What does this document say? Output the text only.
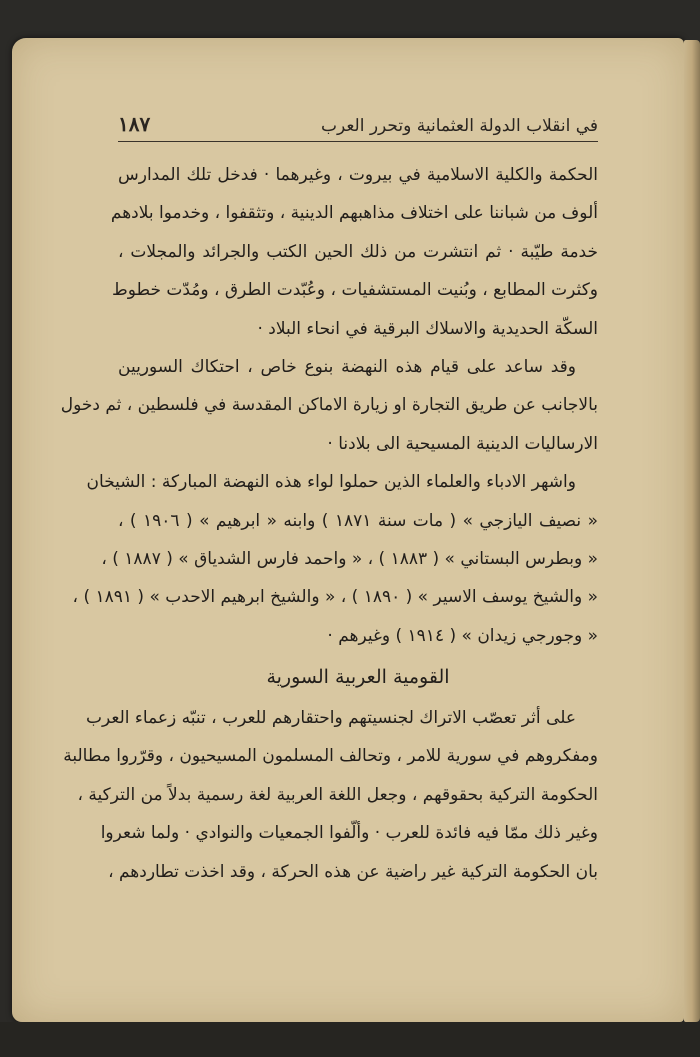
في انقلاب الدولة العثمانية وتحرر العرب
١٨٧
الحكمة والكلية الاسلامية في بيروت ، وغيرهما · فدخل تلك المدارس
ألوف من شباننا على اختلاف مذاهبهم الدينية ، وتثقفوا ، وخدموا بلادهم
خدمة طيّبة · ثم انتشرت من ذلك الحين الكتب والجرائد والمجلات ،
وكثرت المطابع ، وبُنيت المستشفيات ، وعُبّدت الطرق ، ومُدّت خطوط
السكّة الحديدية والاسلاك البرقية في انحاء البلاد ·
وقد ساعد على قيام هذه النهضة بنوع خاص ، احتكاك السوريين
بالاجانب عن طريق التجارة او زيارة الاماكن المقدسة في فلسطين ، ثم دخول
الارساليات الدينية المسيحية الى بلادنا ·
واشهر الادباء والعلماء الذين حملوا لواء هذه النهضة المباركة : الشيخان
« نصيف اليازجي » ( مات سنة ١٨٧١ ) وابنه « ابرهيم » ( ١٩٠٦ ) ،
« وبطرس البستاني » ( ١٨٨٣ ) ، « واحمد فارس الشدياق » ( ١٨٨٧ ) ،
« والشيخ يوسف الاسير » ( ١٨٩٠ ) ، « والشيخ ابرهيم الاحدب » ( ١٨٩١ ) ،
« وجورجي زيدان » ( ١٩١٤ ) وغيرهم ·
القومية العربية السورية
على أثر تعصّب الاتراك لجنسيتهم واحتقارهم للعرب ، تنبّه زعماء العرب
ومفكروهم في سورية للامر ، وتحالف المسلمون المسيحيون ، وقرّروا مطالبة
الحكومة التركية بحقوقهم ، وجعل اللغة العربية لغة رسمية بدلاً من التركية ،
وغير ذلك ممّا فيه فائدة للعرب · وألّفوا الجمعيات والنوادي · ولما شعروا
بان الحكومة التركية غير راضية عن هذه الحركة ، وقد اخذت تطاردهم ،
